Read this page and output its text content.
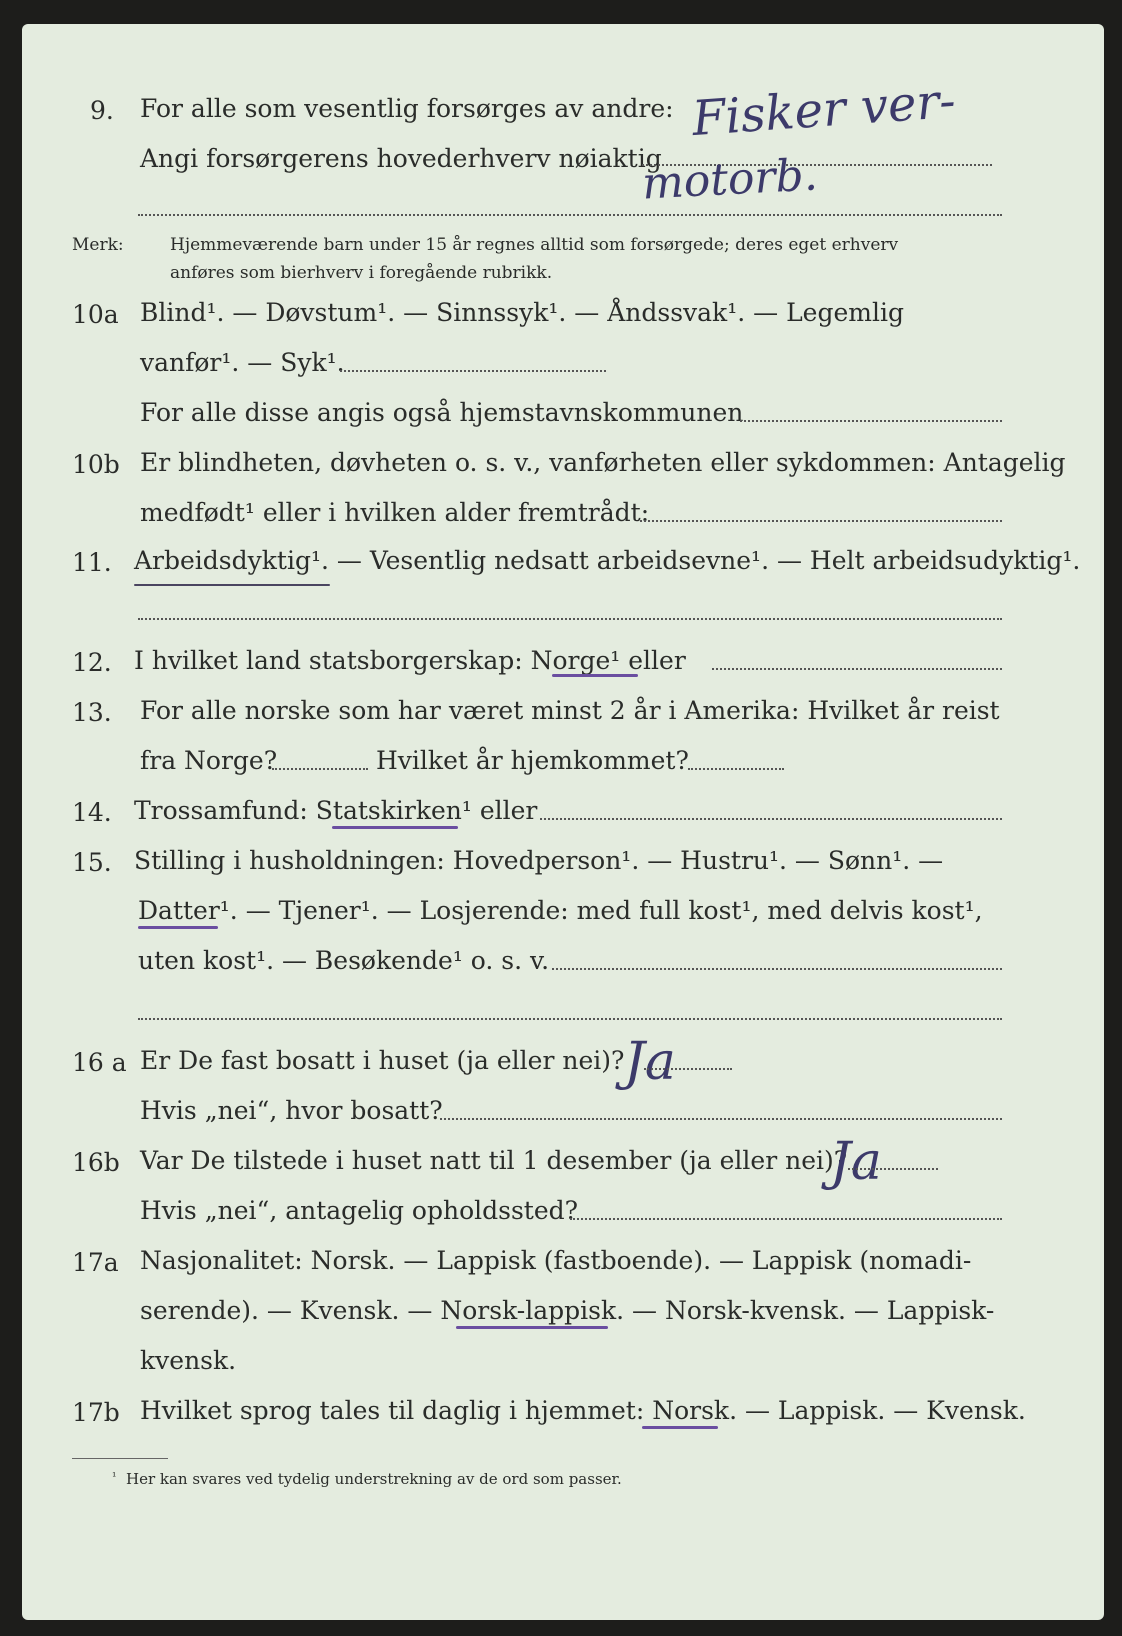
9. For alle som vesentlig forsørges av andre:
Angi forsørgerens hovederhverv nøiaktig
Fisker ver-
motorb.
Merk:	Hjemmeværende barn under 15 år regnes alltid som forsørgede; deres eget erhverv
anføres som bierhverv i foregående rubrikk.
10a Blind¹. — Døvstum¹. — Sinnssyk¹. — Åndssvak¹. — Legemlig
vanfør¹. — Syk¹.
For alle disse angis også hjemstavnskommunen
10b Er blindheten, døvheten o. s. v., vanførheten eller sykdommen: Antagelig
medfødt¹ eller i hvilken alder fremtrådt:
11. Arbeidsdyktig¹. — Vesentlig nedsatt arbeidsevne¹. — Helt arbeidsudyktig¹.
12. I hvilket land statsborgerskap: Norge¹ eller
13. For alle norske som har været minst 2 år i Amerika: Hvilket år reist
fra Norge?	Hvilket år hjemkommet?
14. Trossamfund: Statskirken¹ eller
15. Stilling i husholdningen: Hovedperson¹. — Hustru¹. — Sønn¹. —
Datter¹. — Tjener¹. — Losjerende: med full kost¹, med delvis kost¹,
uten kost¹. — Besøkende¹ o. s. v.
16 a Er De fast bosatt i huset (ja eller nei)? Ja
Hvis „nei“, hvor bosatt?
16b Var De tilstede i huset natt til 1 desember (ja eller nei)?
Ja
Hvis „nei“, antagelig opholdssted?
17a Nasjonalitet: Norsk. — Lappisk (fastboende). — Lappisk (nomadi-
serende). — Kvensk. — Norsk-lappisk. — Norsk-kvensk. — Lappisk-
kvensk.
17b Hvilket sprog tales til daglig i hjemmet: Norsk. — Lappisk. — Kvensk.
¹ Her kan svares ved tydelig understrekning av de ord som passer.
